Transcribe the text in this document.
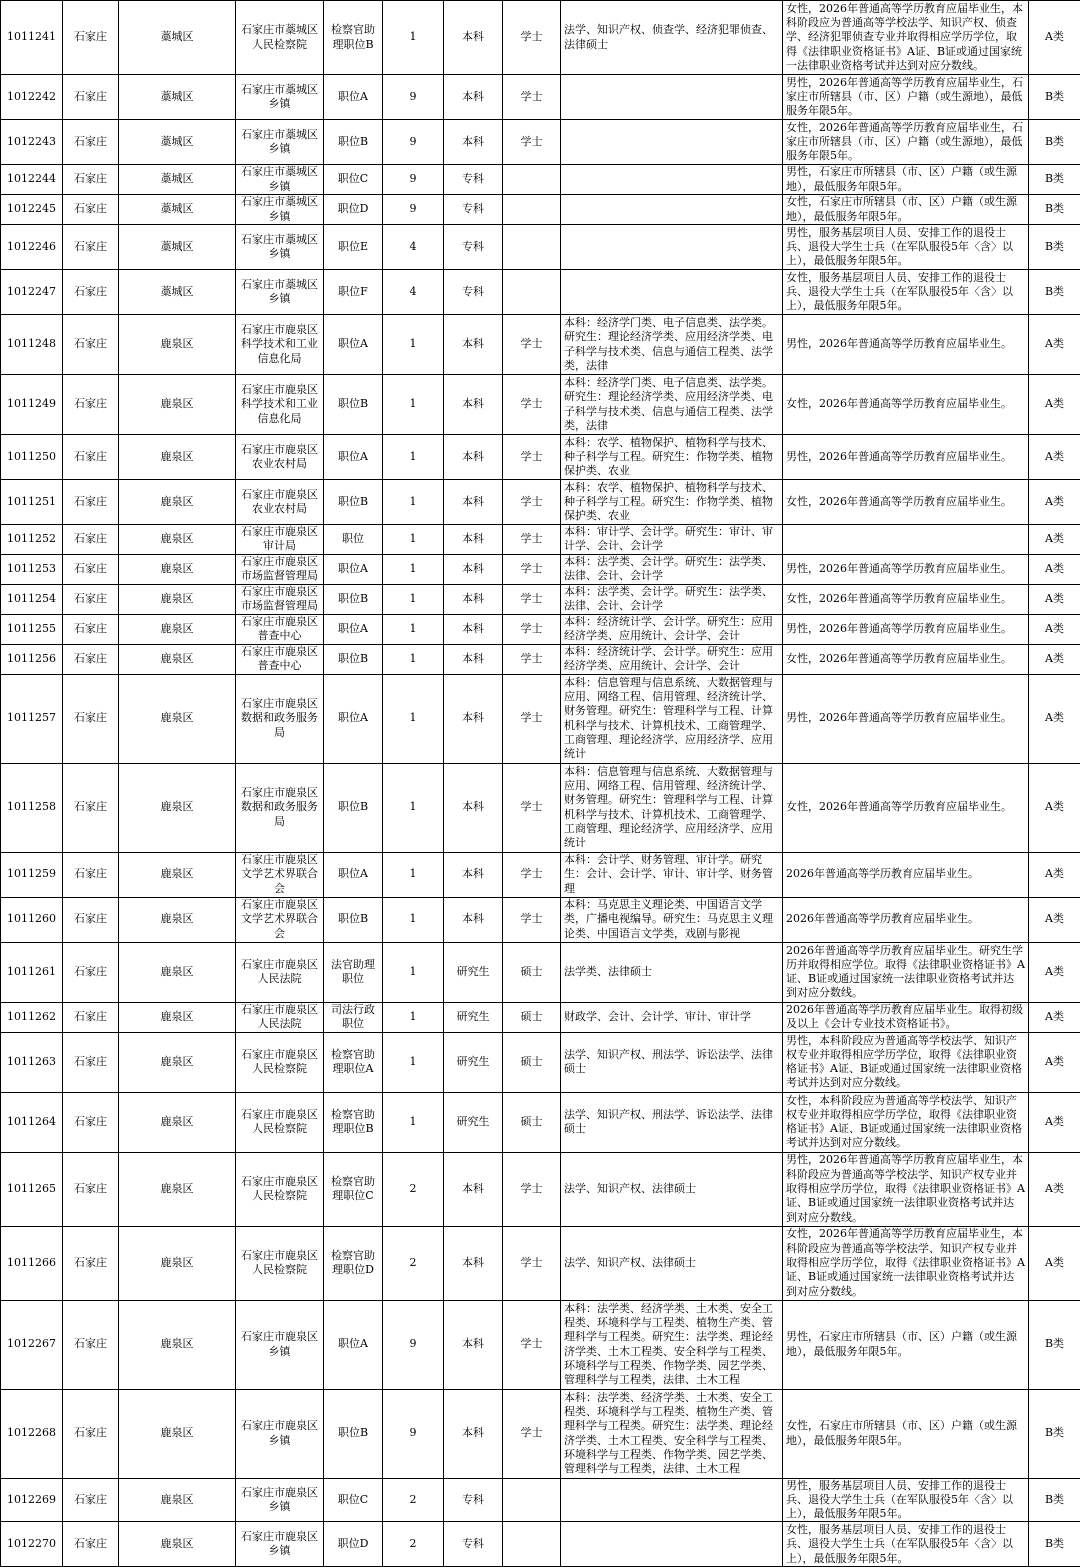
1011241	石家庄	藁城区	石家庄市藁城区人民检察院	检察官助理职位B	1	本科	学士	法学、知识产权、侦查学、经济犯罪侦查、法律硕士	女性，2026年普通高等学历教育应届毕业生，本科阶段应为普通高等学校法学、知识产权、侦查学、经济犯罪侦查专业并取得相应学历学位，取得《法律职业资格证书》A证、B证或通过国家统一法律职业资格考试并达到对应分数线。	A类
1012242	石家庄	藁城区	石家庄市藁城区乡镇	职位A	9	本科	学士		男性，2026年普通高等学历教育应届毕业生，石家庄市所辖县（市、区）户籍（或生源地），最低服务年限5年。	B类
1012243	石家庄	藁城区	石家庄市藁城区乡镇	职位B	9	本科	学士		女性，2026年普通高等学历教育应届毕业生，石家庄市所辖县（市、区）户籍（或生源地），最低服务年限5年。	B类
1012244	石家庄	藁城区	石家庄市藁城区乡镇	职位C	9	专科			男性，石家庄市所辖县（市、区）户籍（或生源地），最低服务年限5年。	B类
1012245	石家庄	藁城区	石家庄市藁城区乡镇	职位D	9	专科			女性，石家庄市所辖县（市、区）户籍（或生源地），最低服务年限5年。	B类
1012246	石家庄	藁城区	石家庄市藁城区乡镇	职位E	4	专科			男性，服务基层项目人员、安排工作的退役士兵、退役大学生士兵（在军队服役5年〈含〉以上），最低服务年限5年。	B类
1012247	石家庄	藁城区	石家庄市藁城区乡镇	职位F	4	专科			女性，服务基层项目人员、安排工作的退役士兵、退役大学生士兵（在军队服役5年〈含〉以上），最低服务年限5年。	B类
1011248	石家庄	鹿泉区	石家庄市鹿泉区科学技术和工业信息化局	职位A	1	本科	学士	本科：经济学门类、电子信息类、法学类。研究生：理论经济学类、应用经济学类、电子科学与技术类、信息与通信工程类、法学类，法律	男性，2026年普通高等学历教育应届毕业生。	A类
1011249	石家庄	鹿泉区	石家庄市鹿泉区科学技术和工业信息化局	职位B	1	本科	学士	本科：经济学门类、电子信息类、法学类。研究生：理论经济学类、应用经济学类、电子科学与技术类、信息与通信工程类、法学类，法律	女性，2026年普通高等学历教育应届毕业生。	A类
1011250	石家庄	鹿泉区	石家庄市鹿泉区农业农村局	职位A	1	本科	学士	本科：农学、植物保护、植物科学与技术、种子科学与工程。研究生：作物学类、植物保护类、农业	男性，2026年普通高等学历教育应届毕业生。	A类
1011251	石家庄	鹿泉区	石家庄市鹿泉区农业农村局	职位B	1	本科	学士	本科：农学、植物保护、植物科学与技术、种子科学与工程。研究生：作物学类、植物保护类、农业	女性，2026年普通高等学历教育应届毕业生。	A类
1011252	石家庄	鹿泉区	石家庄市鹿泉区审计局	职位	1	本科	学士	本科：审计学、会计学。研究生：审计、审计学、会计、会计学		A类
1011253	石家庄	鹿泉区	石家庄市鹿泉区市场监督管理局	职位A	1	本科	学士	本科：法学类、会计学。研究生：法学类、法律、会计、会计学	男性，2026年普通高等学历教育应届毕业生。	A类
1011254	石家庄	鹿泉区	石家庄市鹿泉区市场监督管理局	职位B	1	本科	学士	本科：法学类、会计学。研究生：法学类、法律、会计、会计学	女性，2026年普通高等学历教育应届毕业生。	A类
1011255	石家庄	鹿泉区	石家庄市鹿泉区普查中心	职位A	1	本科	学士	本科：经济统计学、会计学。研究生：应用经济学类、应用统计、会计学、会计	男性，2026年普通高等学历教育应届毕业生。	A类
1011256	石家庄	鹿泉区	石家庄市鹿泉区普查中心	职位B	1	本科	学士	本科：经济统计学、会计学。研究生：应用经济学类、应用统计、会计学、会计	女性，2026年普通高等学历教育应届毕业生。	A类
1011257	石家庄	鹿泉区	石家庄市鹿泉区数据和政务服务局	职位A	1	本科	学士	本科：信息管理与信息系统、大数据管理与应用、网络工程、信用管理、经济统计学、财务管理。研究生：管理科学与工程、计算机科学与技术、计算机技术、工商管理学、工商管理、理论经济学、应用经济学、应用统计	男性，2026年普通高等学历教育应届毕业生。	A类
1011258	石家庄	鹿泉区	石家庄市鹿泉区数据和政务服务局	职位B	1	本科	学士	本科：信息管理与信息系统、大数据管理与应用、网络工程、信用管理、经济统计学、财务管理。研究生：管理科学与工程、计算机科学与技术、计算机技术、工商管理学、工商管理、理论经济学、应用经济学、应用统计	女性，2026年普通高等学历教育应届毕业生。	A类
1011259	石家庄	鹿泉区	石家庄市鹿泉区文学艺术界联合会	职位A	1	本科	学士	本科：会计学、财务管理、审计学。研究生：会计、会计学、审计、审计学、财务管理	2026年普通高等学历教育应届毕业生。	A类
1011260	石家庄	鹿泉区	石家庄市鹿泉区文学艺术界联合会	职位B	1	本科	学士	本科：马克思主义理论类、中国语言文学类，广播电视编导。研究生：马克思主义理论类、中国语言文学类，戏剧与影视	2026年普通高等学历教育应届毕业生。	A类
1011261	石家庄	鹿泉区	石家庄市鹿泉区人民法院	法官助理职位	1	研究生	硕士	法学类、法律硕士	2026年普通高等学历教育应届毕业生。研究生学历并取得相应学位。取得《法律职业资格证书》A证、B证或通过国家统一法律职业资格考试并达到对应分数线。	A类
1011262	石家庄	鹿泉区	石家庄市鹿泉区人民法院	司法行政职位	1	研究生	硕士	财政学、会计、会计学、审计、审计学	2026年普通高等学历教育应届毕业生。取得初级及以上《会计专业技术资格证书》。	A类
1011263	石家庄	鹿泉区	石家庄市鹿泉区人民检察院	检察官助理职位A	1	研究生	硕士	法学、知识产权、刑法学、诉讼法学、法律硕士	男性，本科阶段应为普通高等学校法学、知识产权专业并取得相应学历学位，取得《法律职业资格证书》A证、B证或通过国家统一法律职业资格考试并达到对应分数线。	A类
1011264	石家庄	鹿泉区	石家庄市鹿泉区人民检察院	检察官助理职位B	1	研究生	硕士	法学、知识产权、刑法学、诉讼法学、法律硕士	女性，本科阶段应为普通高等学校法学、知识产权专业并取得相应学历学位，取得《法律职业资格证书》A证、B证或通过国家统一法律职业资格考试并达到对应分数线。	A类
1011265	石家庄	鹿泉区	石家庄市鹿泉区人民检察院	检察官助理职位C	2	本科	学士	法学、知识产权、法律硕士	男性，2026年普通高等学历教育应届毕业生，本科阶段应为普通高等学校法学、知识产权专业并取得相应学历学位，取得《法律职业资格证书》A证、B证或通过国家统一法律职业资格考试并达到对应分数线。	A类
1011266	石家庄	鹿泉区	石家庄市鹿泉区人民检察院	检察官助理职位D	2	本科	学士	法学、知识产权、法律硕士	女性，2026年普通高等学历教育应届毕业生，本科阶段应为普通高等学校法学、知识产权专业并取得相应学历学位，取得《法律职业资格证书》A证、B证或通过国家统一法律职业资格考试并达到对应分数线。	A类
1012267	石家庄	鹿泉区	石家庄市鹿泉区乡镇	职位A	9	本科	学士	本科：法学类、经济学类、土木类、安全工程类、环境科学与工程类、植物生产类、管理科学与工程类。研究生：法学类、理论经济学类、土木工程类、安全科学与工程类、环境科学与工程类、作物学类、园艺学类、管理科学与工程类，法律、土木工程	男性，石家庄市所辖县（市、区）户籍（或生源地），最低服务年限5年。	B类
1012268	石家庄	鹿泉区	石家庄市鹿泉区乡镇	职位B	9	本科	学士	本科：法学类、经济学类、土木类、安全工程类、环境科学与工程类、植物生产类、管理科学与工程类。研究生：法学类、理论经济学类、土木工程类、安全科学与工程类、环境科学与工程类、作物学类、园艺学类、管理科学与工程类，法律、土木工程	女性，石家庄市所辖县（市、区）户籍（或生源地），最低服务年限5年。	B类
1012269	石家庄	鹿泉区	石家庄市鹿泉区乡镇	职位C	2	专科			男性，服务基层项目人员、安排工作的退役士兵、退役大学生士兵（在军队服役5年〈含〉以上），最低服务年限5年。	B类
1012270	石家庄	鹿泉区	石家庄市鹿泉区乡镇	职位D	2	专科			女性，服务基层项目人员、安排工作的退役士兵、退役大学生士兵（在军队服役5年〈含〉以上），最低服务年限5年。	B类
